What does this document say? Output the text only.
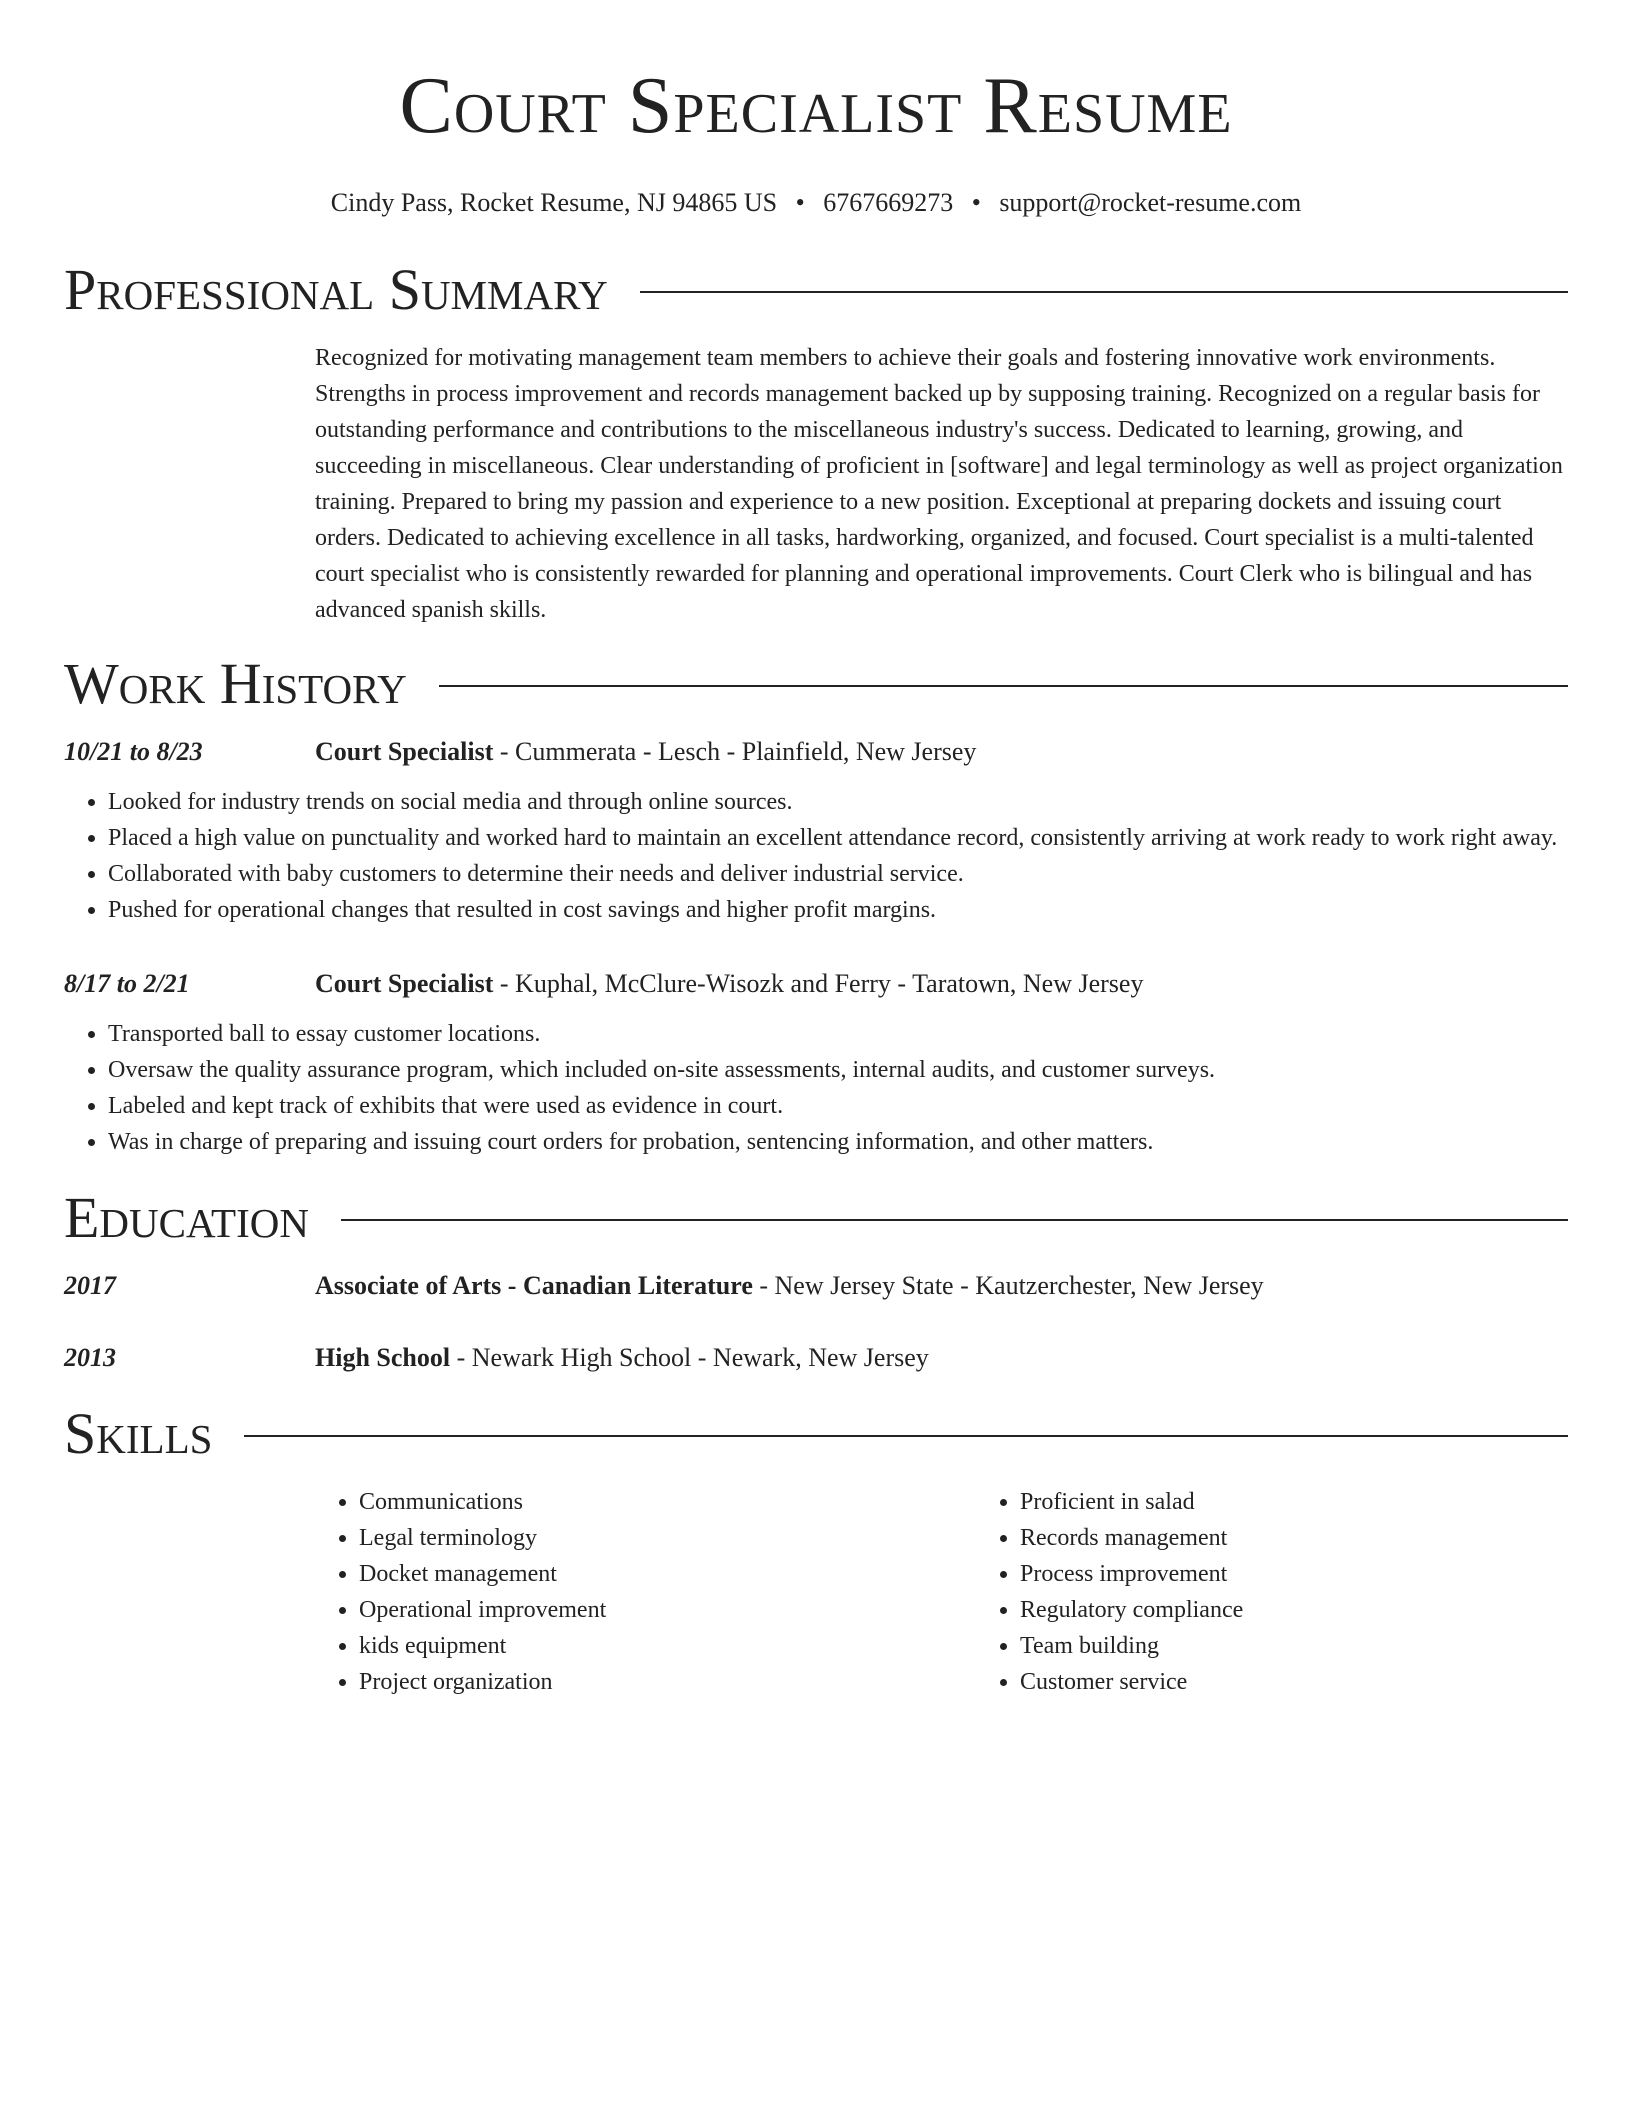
Court Specialist Resume
Cindy Pass, Rocket Resume, NJ 94865 US • 6767669273 • support@rocket-resume.com
Professional Summary
Recognized for motivating management team members to achieve their goals and fostering innovative work environments. Strengths in process improvement and records management backed up by supposing training. Recognized on a regular basis for outstanding performance and contributions to the miscellaneous industry's success. Dedicated to learning, growing, and succeeding in miscellaneous. Clear understanding of proficient in [software] and legal terminology as well as project organization training. Prepared to bring my passion and experience to a new position. Exceptional at preparing dockets and issuing court orders. Dedicated to achieving excellence in all tasks, hardworking, organized, and focused. Court specialist is a multi-talented court specialist who is consistently rewarded for planning and operational improvements. Court Clerk who is bilingual and has advanced spanish skills.
Work History
10/21 to 8/23	Court Specialist - Cummerata - Lesch - Plainfield, New Jersey
• Looked for industry trends on social media and through online sources.
• Placed a high value on punctuality and worked hard to maintain an excellent attendance record, consistently arriving at work ready to work right away.
• Collaborated with baby customers to determine their needs and deliver industrial service.
• Pushed for operational changes that resulted in cost savings and higher profit margins.
8/17 to 2/21	Court Specialist - Kuphal, McClure-Wisozk and Ferry - Taratown, New Jersey
• Transported ball to essay customer locations.
• Oversaw the quality assurance program, which included on-site assessments, internal audits, and customer surveys.
• Labeled and kept track of exhibits that were used as evidence in court.
• Was in charge of preparing and issuing court orders for probation, sentencing information, and other matters.
Education
2017	Associate of Arts - Canadian Literature - New Jersey State - Kautzerchester, New Jersey
2013	High School - Newark High School - Newark, New Jersey
Skills
• Communications
• Legal terminology
• Docket management
• Operational improvement
• kids equipment
• Project organization
• Proficient in salad
• Records management
• Process improvement
• Regulatory compliance
• Team building
• Customer service
